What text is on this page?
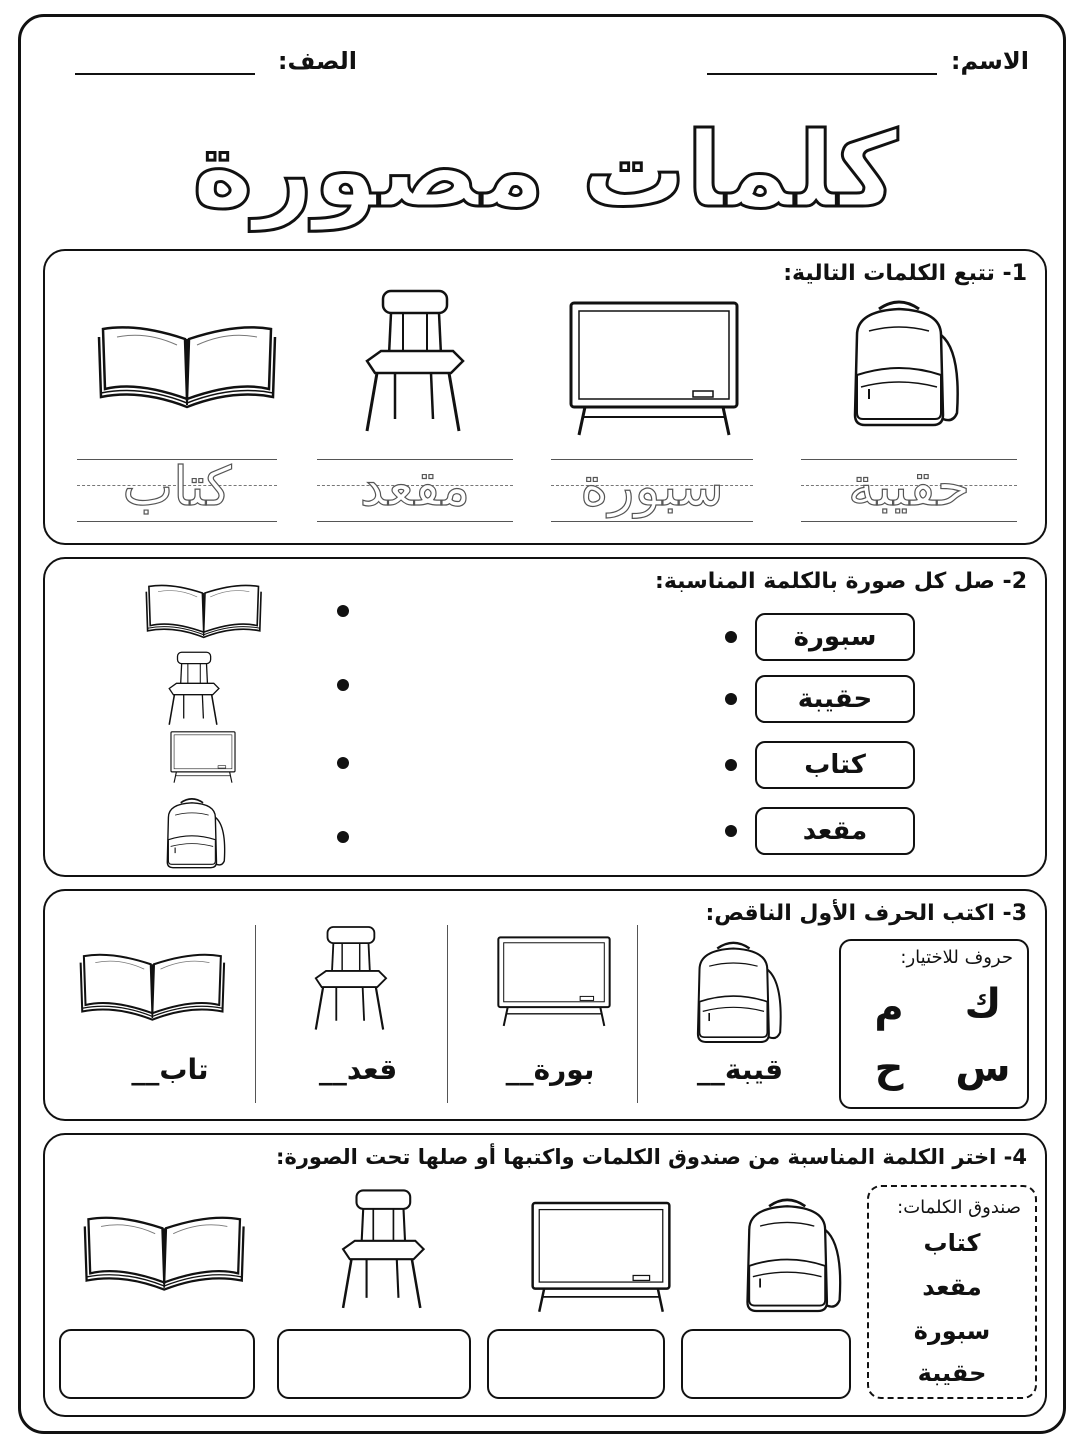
الاسم:
الصف:
كلمات مصورة
1- تتبع الكلمات التالية:
حقيبة
سبورة
مقعد
كتاب
2- صل كل صورة بالكلمة المناسبة:
سبورة
حقيبة
كتاب
مقعد
3- اكتب الحرف الأول الناقص:
حروف للاختيار:
ك
م
س
ح
قيبة__
بورة__
قعد__
تاب__
4- اختر الكلمة المناسبة من صندوق الكلمات واكتبها أو صلها تحت الصورة:
صندوق الكلمات:
كتاب
مقعد
سبورة
حقيبة
